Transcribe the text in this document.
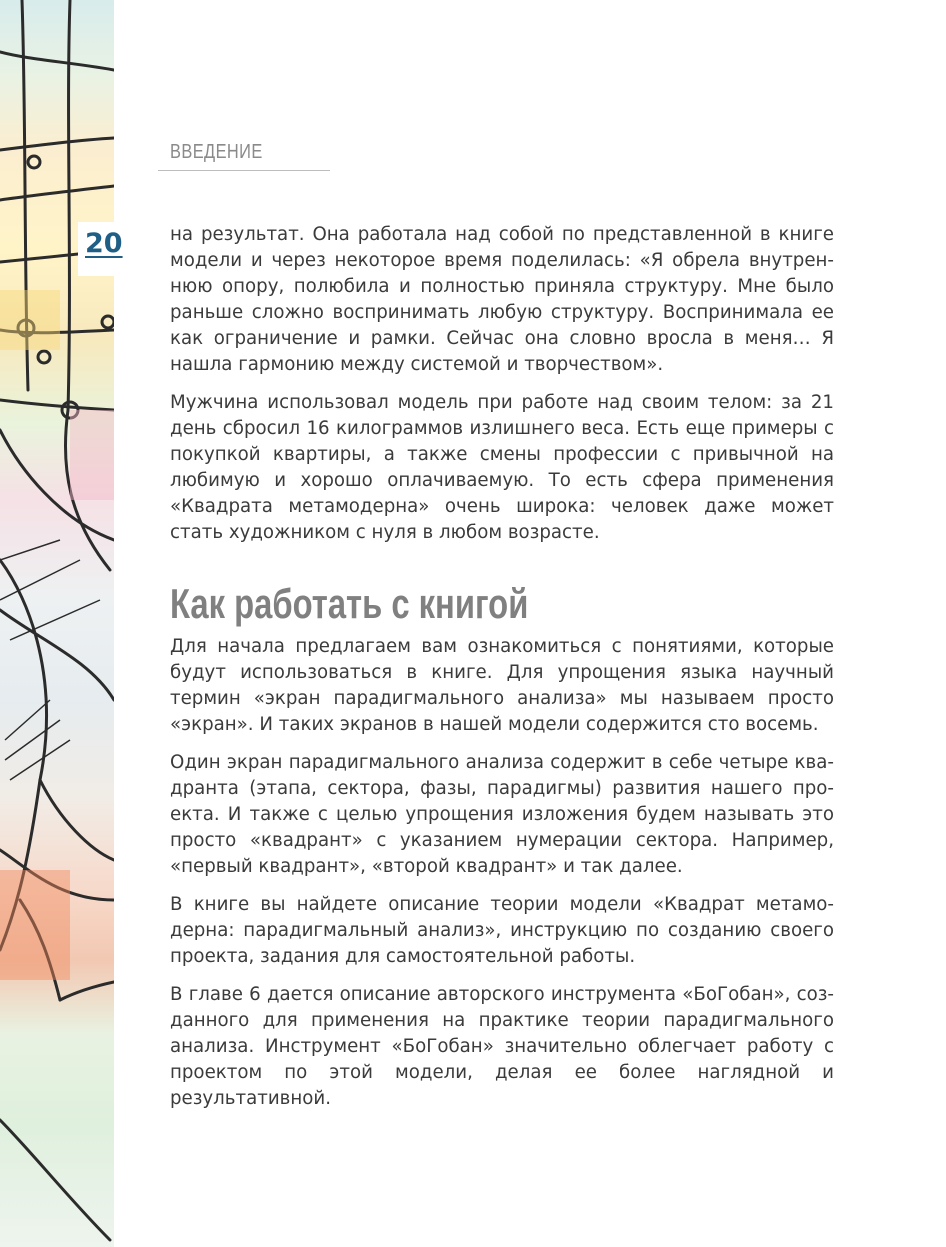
ВВЕДЕНИЕ

20	на результат. Она работала над собой по представленной в книге модели и через некоторое время поделилась: «Я обрела внутреннюю опору, полюбила и полностью приняла структуру. Мне было раньше сложно воспринимать любую структуру. Воспринимала ее как ограничение и рамки. Сейчас она словно вросла в меня… Я нашла гармонию между системой и творчеством».

Мужчина использовал модель при работе над своим телом: за 21 день сбросил 16 килограммов излишнего веса. Есть еще примеры с покупкой квартиры, а также смены профессии с привычной на любимую и хорошо оплачиваемую. То есть сфера применения «Квадрата метамодерна» очень широка: человек даже может стать художником с нуля в любом возрасте.

Как работать с книгой

Для начала предлагаем вам ознакомиться с понятиями, которые будут использоваться в книге. Для упрощения языка научный термин «экран парадигмального анализа» мы называем просто «экран». И таких экранов в нашей модели содержится сто восемь.

Один экран парадигмального анализа содержит в себе четыре квадранта (этапа, сектора, фазы, парадигмы) развития нашего проекта. И также с целью упрощения изложения будем называть это просто «квадрант» с указанием нумерации сектора. Например, «первый квадрант», «второй квадрант» и так далее.

В книге вы найдете описание теории модели «Квадрат метамодерна: парадигмальный анализ», инструкцию по созданию своего проекта, задания для самостоятельной работы.

В главе 6 дается описание авторского инструмента «БоГобан», созданного для применения на практике теории парадигмального анализа. Инструмент «БоГобан» значительно облегчает работу с проектом по этой модели, делая ее более наглядной и результативной.
